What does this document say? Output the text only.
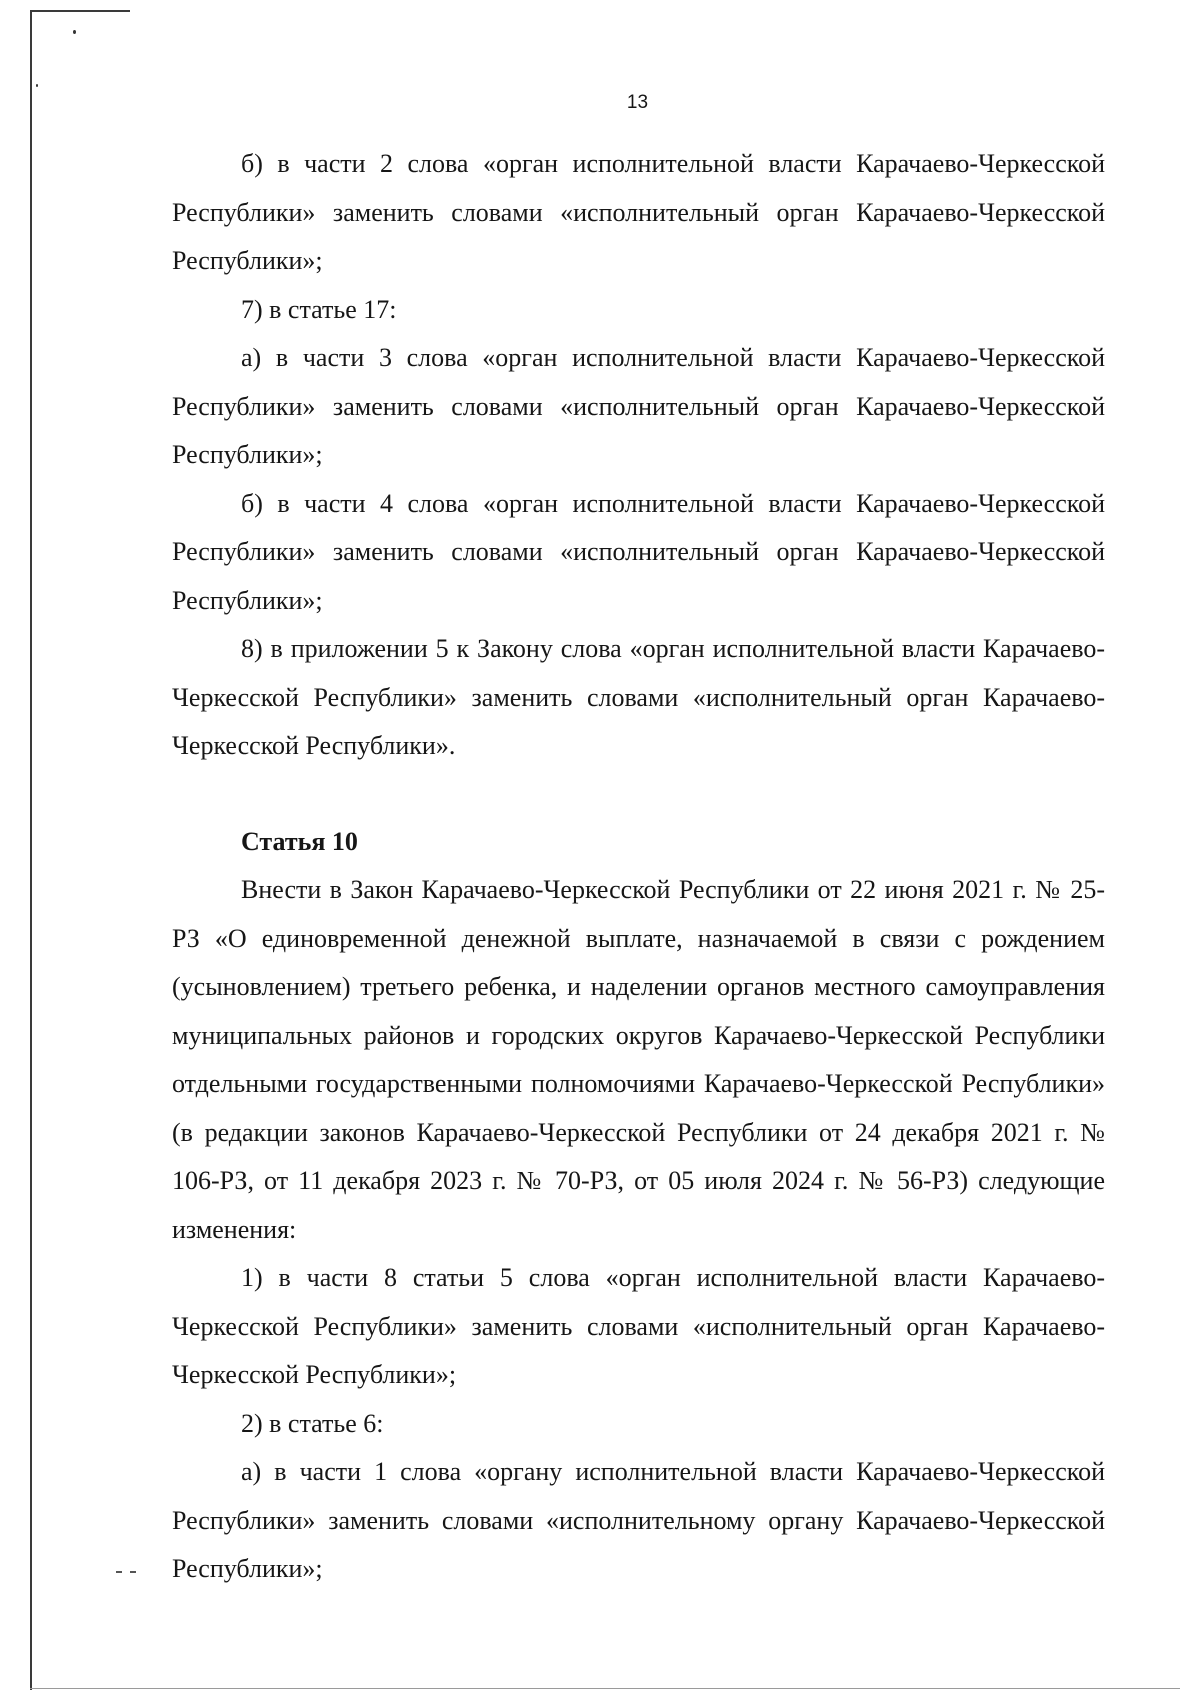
13

б) в части 2 слова «орган исполнительной власти Карачаево-Черкесской Республики» заменить словами «исполнительный орган Карачаево-Черкесской Республики»;

7) в статье 17:

а) в части 3 слова «орган исполнительной власти Карачаево-Черкесской Республики» заменить словами «исполнительный орган Карачаево-Черкесской Республики»;

б) в части 4 слова «орган исполнительной власти Карачаево-Черкесской Республики» заменить словами «исполнительный орган Карачаево-Черкесской Республики»;

8) в приложении 5 к Закону слова «орган исполнительной власти Карачаево-Черкесской Республики» заменить словами «исполнительный орган Карачаево-Черкесской Республики».

Статья 10

Внести в Закон Карачаево-Черкесской Республики от 22 июня 2021 г. № 25-РЗ «О единовременной денежной выплате, назначаемой в связи с рождением (усыновлением) третьего ребенка, и наделении органов местного самоуправления муниципальных районов и городских округов Карачаево-Черкесской Республики отдельными государственными полномочиями Карачаево-Черкесской Республики» (в редакции законов Карачаево-Черкесской Республики от 24 декабря 2021 г. № 106-РЗ, от 11 декабря 2023 г. № 70-РЗ, от 05 июля 2024 г. № 56-РЗ) следующие изменения:

1) в части 8 статьи 5 слова «орган исполнительной власти Карачаево-Черкесской Республики» заменить словами «исполнительный орган Карачаево-Черкесской Республики»;

2) в статье 6:

а) в части 1 слова «органу исполнительной власти Карачаево-Черкесской Республики» заменить словами «исполнительному органу Карачаево-Черкесской Республики»;
